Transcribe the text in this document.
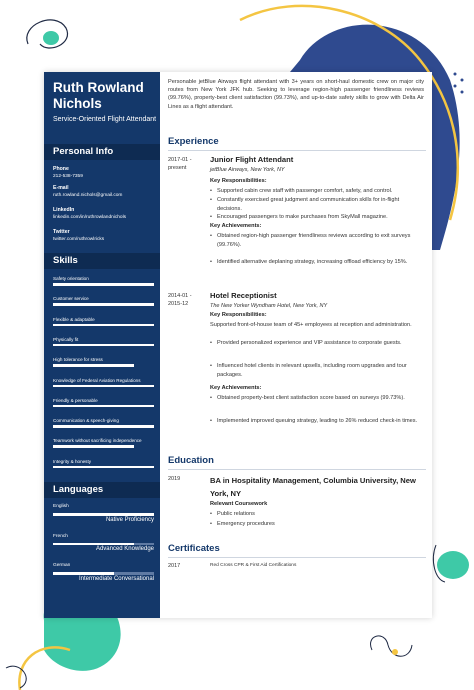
Ruth Rowland Nichols
Service-Oriented Flight Attendant
Personal Info
Phone
212-538-7359
E-mail
ruth.rowland.nichols@gmail.com
LinkedIn
linkedin.com/in/ruthrowlandnichols
Twitter
twitter.com/ruthrowlricks
Skills
Safety orientation
Customer service
Flexible & adaptable
Physically fit
High tolerance for stress
Knowledge of Federal Aviation Regulations
Friendly & personable
Communication & speech-giving
Teamwork without sacrificing independence
Integrity & honesty
Languages
English
Native Proficiency
French
Advanced Knowledge
German
Intermediate Conversational
Personable jetBlue Airways flight attendant with 3+ years on short-haul domestic crew on major city routes from New York JFK hub. Seeking to leverage region-high passenger friendliness reviews (99.76%), property-best client satisfaction (99.73%), and up-to-date safety skills to grow with Delta Air Lines as a flight attendant.
Experience
2017-01 - present
Junior Flight Attendant
jetBlue Airways, New York, NY
Key Responsibilities:
• Supported cabin crew staff with passenger comfort, safety, and control.
• Constantly exercised great judgment and communication skills for in-flight decisions.
• Encouraged passengers to make purchases from SkyMall magazine.
Key Achievements:
• Obtained region-high passenger friendliness reviews according to exit surveys (99.76%).
• Identified alternative deplaning strategy, increasing offload efficiency by 15%.
2014-01 - 2015-12
Hotel Receptionist
The New Yorker Wyndham Hotel, New York, NY
Key Responsibilities:
Supported front-of-house team of 45+ employees at reception and administration.
• Provided personalized experience and VIP assistance to corporate guests.
• Influenced hotel clients in relevant upsells, including room upgrades and tour packages.
Key Achievements:
• Obtained property-best client satisfaction score based on surveys (99.73%).
• Implemented improved queuing strategy, leading to 26% reduced check-in times.
Education
2019	BA in Hospitality Management, Columbia University, New York, NY
Relevant Coursework
• Public relations
• Emergency procedures
Certificates
2017	Red Cross CPR & First Aid Certifications
